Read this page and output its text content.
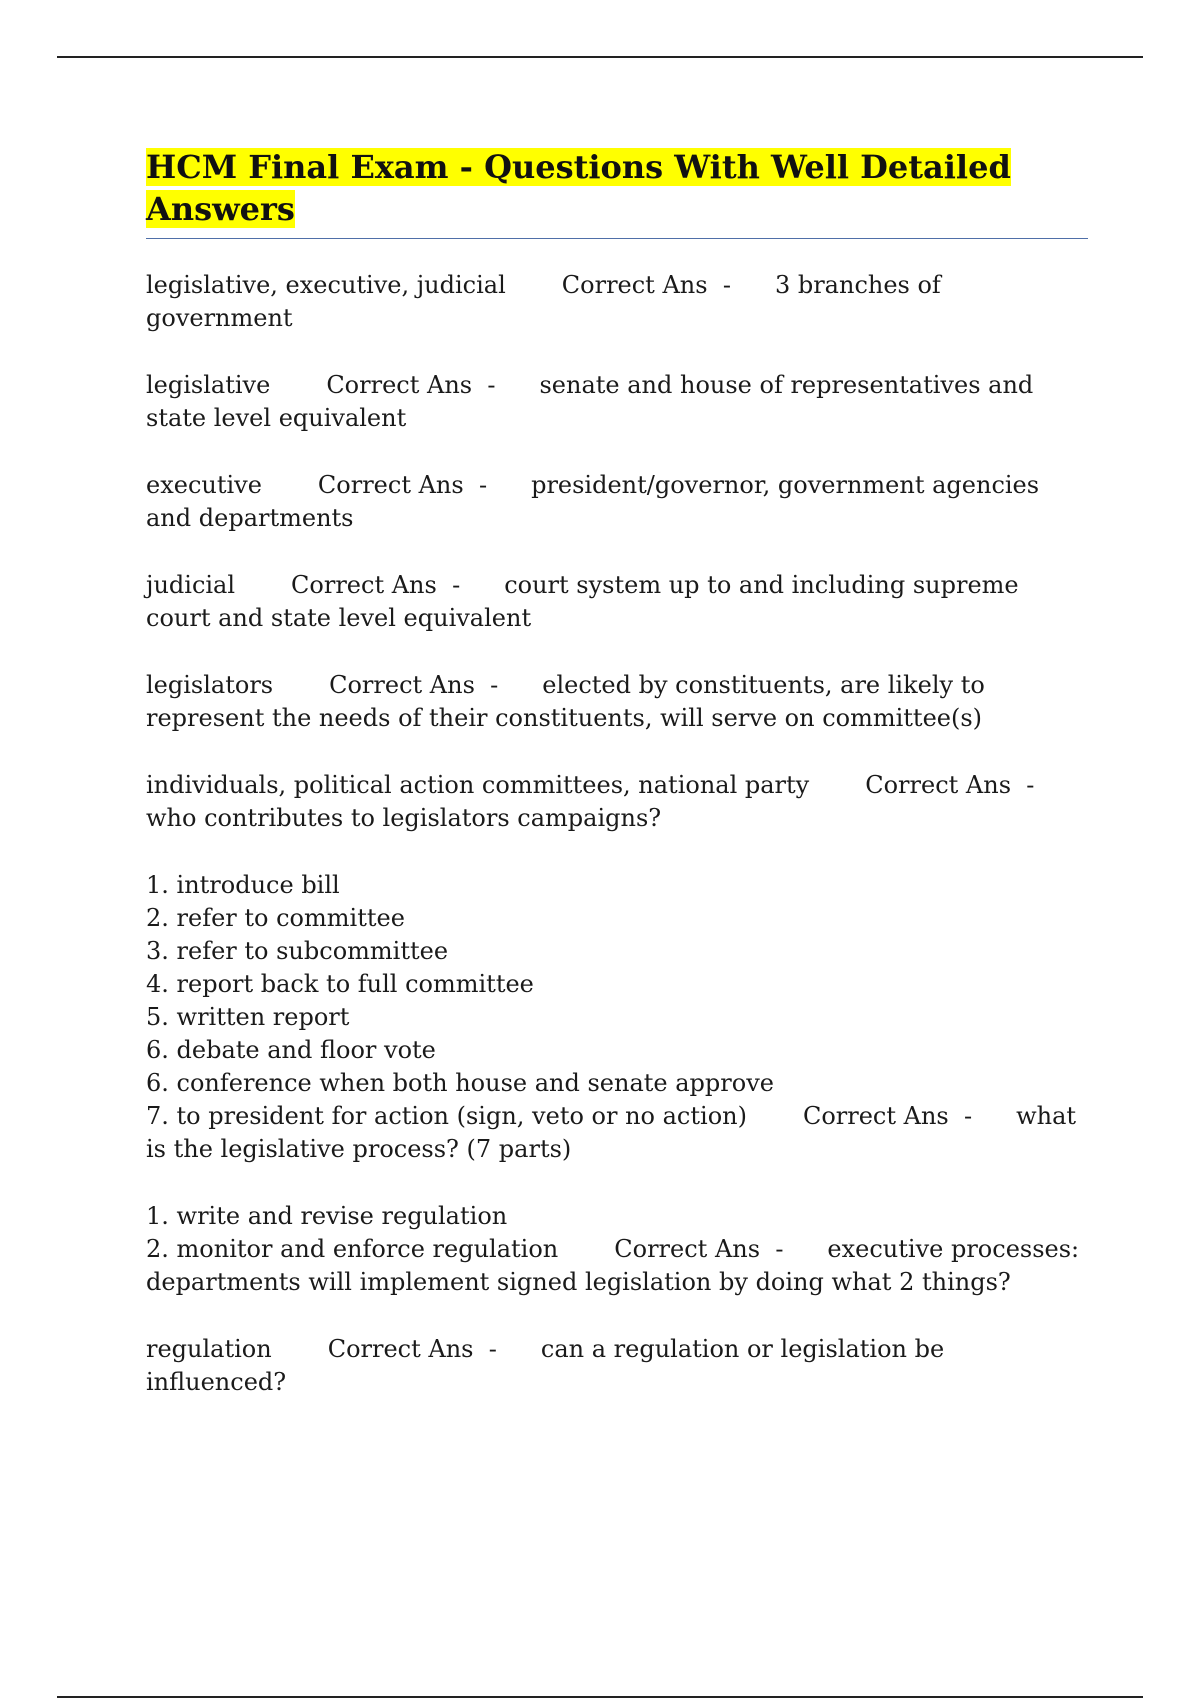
HCM Final Exam - Questions With Well Detailed Answers

legislative, executive, judicial Correct Ans - 3 branches of government

legislative Correct Ans - senate and house of representatives and state level equivalent

executive Correct Ans - president/governor, government agencies and departments

judicial Correct Ans - court system up to and including supreme court and state level equivalent

legislators Correct Ans - elected by constituents, are likely to represent the needs of their constituents, will serve on committee(s)

individuals, political action committees, national party Correct Ans -who contributes to legislators campaigns?

1. introduce bill
2. refer to committee
3. refer to subcommittee
4. report back to full committee
5. written report
6. debate and floor vote
6. conference when both house and senate approve
7. to president for action (sign, veto or no action) Correct Ans - what is the legislative process? (7 parts)

1. write and revise regulation
2. monitor and enforce regulation Correct Ans - executive processes: departments will implement signed legislation by doing what 2 things?

regulation Correct Ans - can a regulation or legislation be influenced?
